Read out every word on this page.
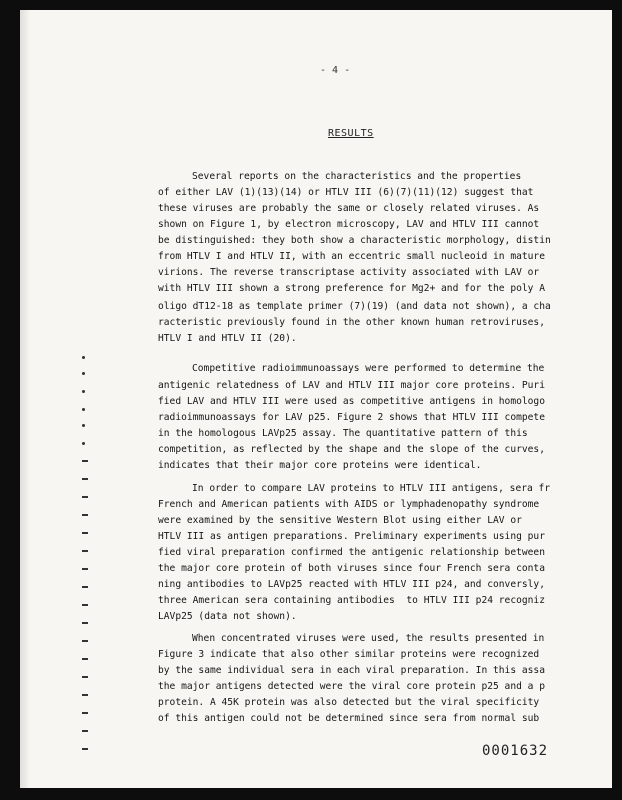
- 4 -
RESULTS
Several reports on the characteristics and the properties
of either LAV (1)(13)(14) or HTLV III (6)(7)(11)(12) suggest that
these viruses are probably the same or closely related viruses. As
shown on Figure 1, by electron microscopy, LAV and HTLV III cannot
be distinguished: they both show a characteristic morphology, distin
from HTLV I and HTLV II, with an eccentric small nucleoid in mature
virions. The reverse transcriptase activity associated with LAV or
with HTLV III shown a strong preference for Mg2+ and for the poly A
oligo dT12-18 as template primer (7)(19) (and data not shown), a cha
racteristic previously found in the other known human retroviruses,
HTLV I and HTLV II (20).
Competitive radioimmunoassays were performed to determine the
antigenic relatedness of LAV and HTLV III major core proteins. Puri
fied LAV and HTLV III were used as competitive antigens in homologo
radioimmunoassays for LAV p25. Figure 2 shows that HTLV III compete
in the homologous LAVp25 assay. The quantitative pattern of this
competition, as reflected by the shape and the slope of the curves,
indicates that their major core proteins were identical.
In order to compare LAV proteins to HTLV III antigens, sera fr
French and American patients with AIDS or lymphadenopathy syndrome
were examined by the sensitive Western Blot using either LAV or
HTLV III as antigen preparations. Preliminary experiments using pur
fied viral preparation confirmed the antigenic relationship between
the major core protein of both viruses since four French sera conta
ning antibodies to LAVp25 reacted with HTLV III p24, and conversly,
three American sera containing antibodies  to HTLV III p24 recogniz
LAVp25 (data not shown).
When concentrated viruses were used, the results presented in
Figure 3 indicate that also other similar proteins were recognized
by the same individual sera in each viral preparation. In this assa
the major antigens detected were the viral core protein p25 and a p
protein. A 45K protein was also detected but the viral specificity
of this antigen could not be determined since sera from normal sub
0001632
